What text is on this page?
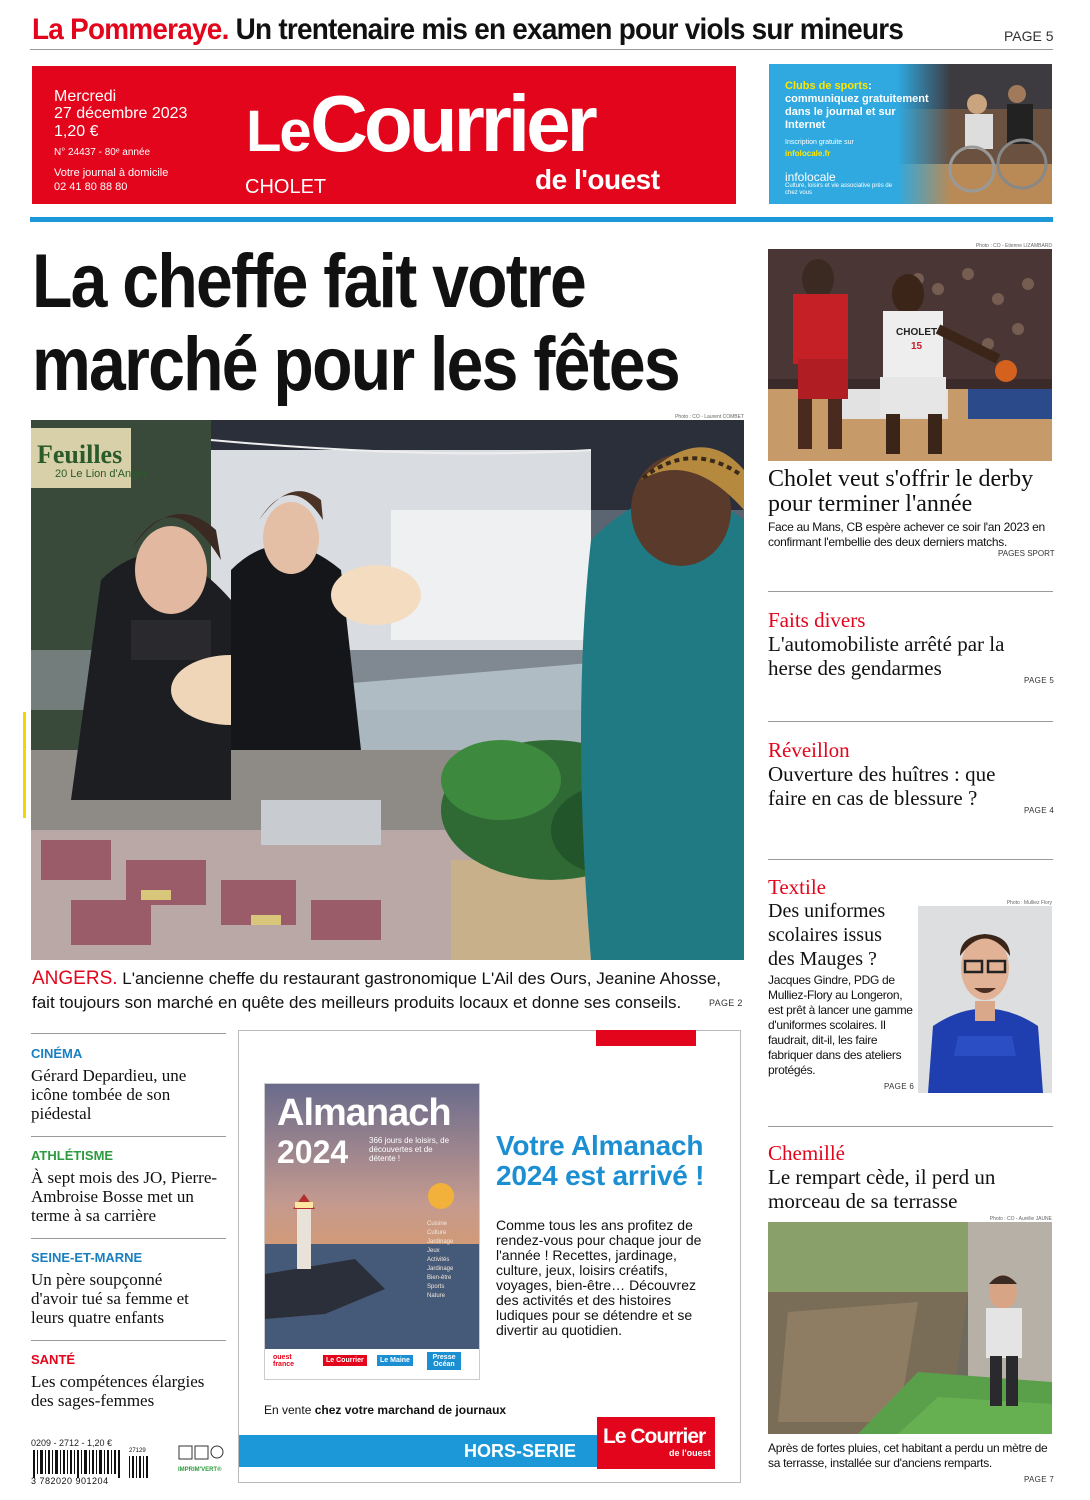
La Pommeraye. Un trentenaire mis en examen pour viols sur mineurs	PAGE 5
Mercredi
27 décembre 2023
1,20 €
N° 24437 - 80ᵉ année
Votre journal à domicile
02 41 80 88 80
Le Courrier
de l'ouest
CHOLET
Clubs de sports: communiquez gratuitement dans le journal et sur Internet
Inscription gratuite sur
infolocale.fr
infolocale
Culture, loisirs et vie associative près de chez vous
La cheffe fait votre
marché pour les fêtes
Photo : CO - Laurent COMBET
Feuilles
20 Le Lion d'Anger
ANGERS. L'ancienne cheffe du restaurant gastronomique L'Ail des Ours, Jeanine Ahosse, fait toujours son marché en quête des meilleurs produits locaux et donne ses conseils.	PAGE 2
Photo : CO - Etienne LIZAMBARD
CHOLET
15
Cholet veut s'offrir le derby pour terminer l'année
Face au Mans, CB espère achever ce soir l'an 2023 en confirmant l'embellie des deux derniers matchs.
PAGES SPORT
Faits divers
L'automobiliste arrêté par la herse des gendarmes
PAGE 5
Réveillon
Ouverture des huîtres : que faire en cas de blessure ?
PAGE 4
Textile
Des uniformes scolaires issus des Mauges ?
Jacques Gindre, PDG de Mulliez-Flory au Longeron, est prêt à lancer une gamme d'uniformes scolaires. Il faudrait, dit-il, les faire fabriquer dans des ateliers protégés.
PAGE 6
Photo : Mulliez Flory
Chemillé
Le rempart cède, il perd un morceau de sa terrasse
Photo : CO - Aurélie JAUNE
Après de fortes pluies, cet habitant a perdu un mètre de sa terrasse, installée sur d'anciens remparts.
PAGE 7
CINÉMA
Gérard Depardieu, une icône tombée de son piédestal
ATHLÉTISME
À sept mois des JO, Pierre-Ambroise Bosse met un terme à sa carrière
SEINE-ET-MARNE
Un père soupçonné d'avoir tué sa femme et leurs quatre enfants
SANTÉ
Les compétences élargies des sages-femmes
0209 - 2712 - 1,20 €
27129
3 782020 901204
IMPRIM'VERT®
Almanach
2024	366 jours de loisirs, de découvertes et de détente !
Cuisine
Culture
Jardinage
Jeux
Activités
Jardinage
Bien-être
Sports
Nature
ouest france
Le Courrier	Le Maine	Presse Océan
Votre Almanach
2024 est arrivé !
Comme tous les ans profitez de rendez-vous pour chaque jour de l'année ! Recettes, jardinage, culture, jeux, loisirs créatifs, voyages, bien-être… Découvrez des activités et des histoires ludiques pour se détendre et se divertir au quotidien.
En vente chez votre marchand de journaux
HORS-SERIE
Le Courrier
de l'ouest
